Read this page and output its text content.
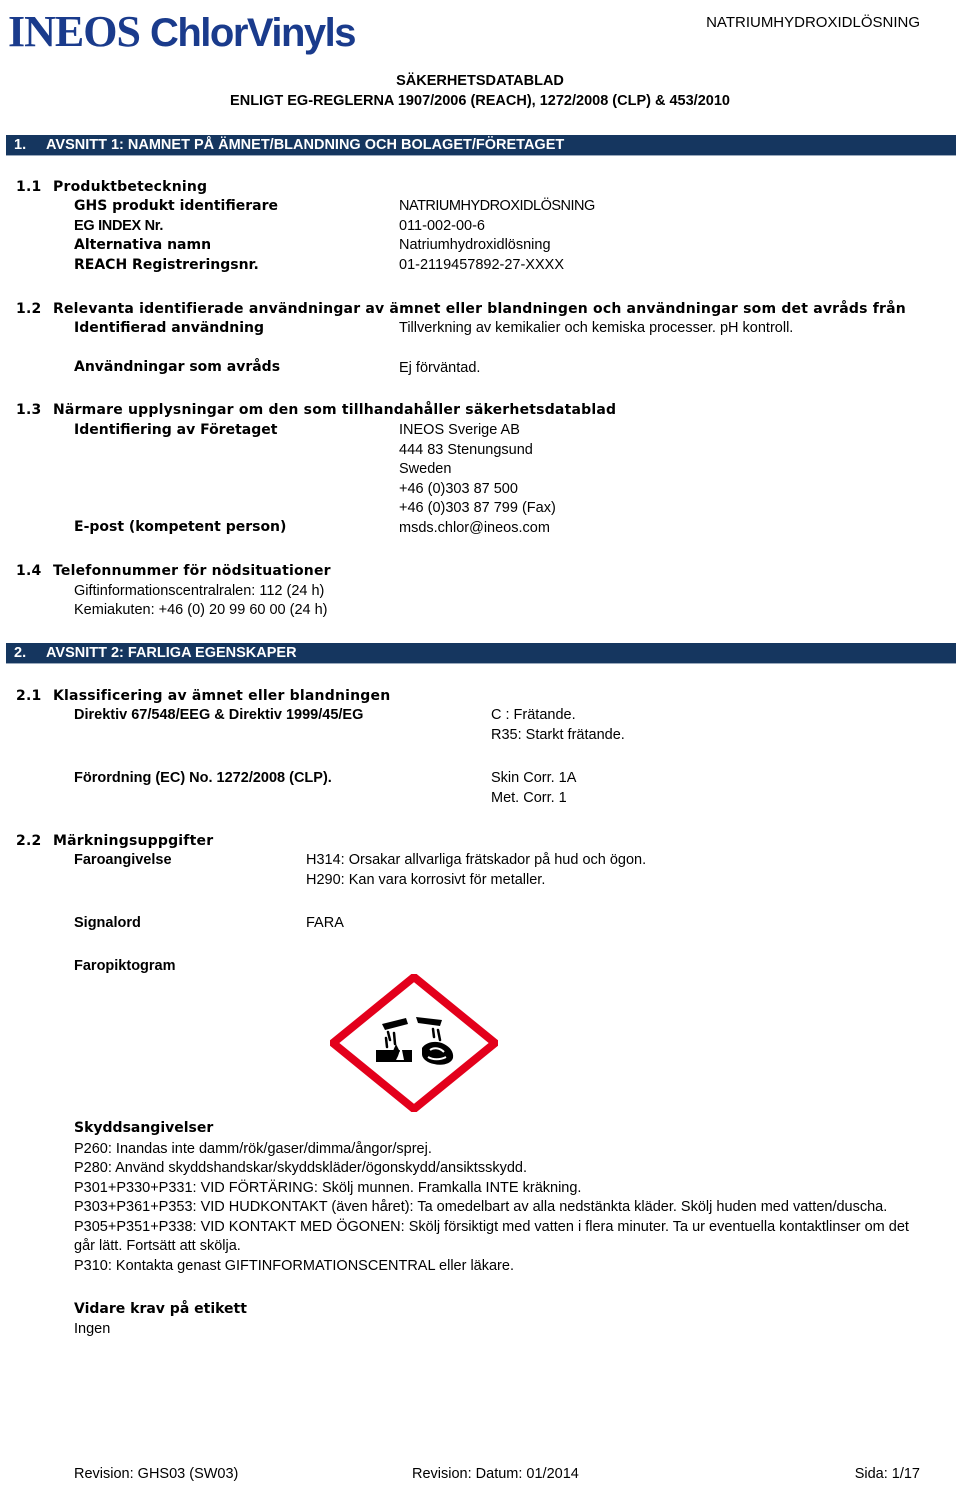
INEOS ChlorVinyls	NATRIUMHYDROXIDLÖSNING
SÄKERHETSDATABLAD
ENLIGT EG-REGLERNA 1907/2006 (REACH), 1272/2008 (CLP) & 453/2010
1. AVSNITT 1: NAMNET PÅ ÄMNET/BLANDNING OCH BOLAGET/FÖRETAGET
1.1 Produktbeteckning
GHS produkt identifierare	NATRIUMHYDROXIDLÖSNING
EG INDEX Nr.	011-002-00-6
Alternativa namn	Natriumhydroxidlösning
REACH Registreringsnr.	01-2119457892-27-XXXX
1.2 Relevanta identifierade användningar av ämnet eller blandningen och användningar som det avråds från
Identifierad användning	Tillverkning av kemikalier och kemiska processer. pH kontroll.
Användningar som avråds	Ej förväntad.
1.3 Närmare upplysningar om den som tillhandahåller säkerhetsdatablad
Identifiering av Företaget	INEOS Sverige AB
444 83 Stenungsund
Sweden
+46 (0)303 87 500
+46 (0)303 87 799 (Fax)
E-post (kompetent person)	msds.chlor@ineos.com
1.4 Telefonnummer för nödsituationer
Giftinformationscentralralen: 112 (24 h)
Kemiakuten: +46 (0) 20 99 60 00 (24 h)
2. AVSNITT 2: FARLIGA EGENSKAPER
2.1 Klassificering av ämnet eller blandningen
Direktiv 67/548/EEG & Direktiv 1999/45/EG	C : Frätande.
R35: Starkt frätande.
Förordning (EC) No. 1272/2008 (CLP).	Skin Corr. 1A
Met. Corr. 1
2.2 Märkningsuppgifter
Faroangivelse	H314: Orsakar allvarliga frätskador på hud och ögon.
H290: Kan vara korrosivt för metaller.
Signalord	FARA
Faropiktogram
Skyddsangivelser
P260: Inandas inte damm/rök/gaser/dimma/ångor/sprej.
P280: Använd skyddshandskar/skyddskläder/ögonskydd/ansiktsskydd.
P301+P330+P331: VID FÖRTÄRING: Skölj munnen. Framkalla INTE kräkning.
P303+P361+P353: VID HUDKONTAKT (även håret): Ta omedelbart av alla nedstänkta kläder. Skölj huden med vatten/duscha.
P305+P351+P338: VID KONTAKT MED ÖGONEN: Skölj försiktigt med vatten i flera minuter. Ta ur eventuella kontaktlinser om det
går lätt. Fortsätt att skölja.
P310: Kontakta genast GIFTINFORMATIONSCENTRAL eller läkare.
Vidare krav på etikett
Ingen
Revision: GHS03 (SW03)	Revision: Datum: 01/2014	Sida: 1/17
